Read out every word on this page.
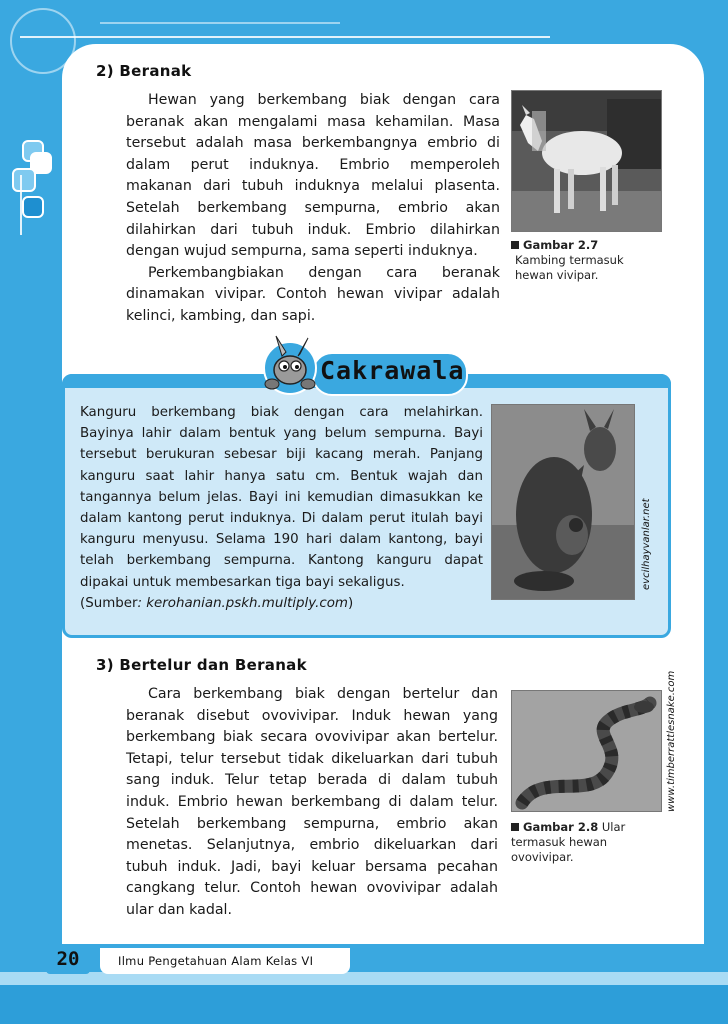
2) Beranak

Hewan yang berkembang biak dengan cara beranak akan mengalami masa kehamilan. Masa tersebut adalah masa berkembangnya embrio di dalam perut induknya. Embrio memperoleh makanan dari tubuh induknya melalui plasenta. Setelah berkembang sempurna, embrio akan dilahirkan dari tubuh induk. Embrio dilahirkan dengan wujud sempurna, sama seperti induknya.

Perkembangbiakan dengan cara beranak dinamakan vivipar. Contoh hewan vivipar adalah kelinci, kambing, dan sapi.

Gambar 2.7
Kambing termasuk hewan vivipar.
Cakrawala

Kanguru berkembang biak dengan cara melahirkan. Bayinya lahir dalam bentuk yang belum sempurna. Bayi tersebut berukuran sebesar biji kacang merah. Panjang kanguru saat lahir hanya satu cm. Bentuk wajah dan tangannya belum jelas. Bayi ini kemudian dimasukkan ke dalam kantong perut induknya. Di dalam perut itulah bayi kanguru menyusu. Selama 190 hari dalam kantong, bayi telah berkembang sempurna. Kantong kanguru dapat dipakai untuk membesarkan tiga bayi sekaligus.

(Sumber: kerohanian.pskh.multiply.com)

evcilhayvanlar.net
3) Bertelur dan Beranak

Cara berkembang biak dengan bertelur dan beranak disebut ovovivipar. Induk hewan yang berkembang biak secara ovovivipar akan bertelur. Tetapi, telur tersebut tidak dikeluarkan dari tubuh sang induk. Telur tetap berada di dalam tubuh induk. Embrio hewan berkembang di dalam telur. Setelah berkembang sempurna, embrio akan menetas. Selanjutnya, embrio dikeluarkan dari tubuh induk. Jadi, bayi keluar bersama pecahan cangkang telur. Contoh hewan ovovivipar adalah ular dan kadal.

www.timberrattlesnake.com
Gambar 2.8 Ular termasuk hewan ovovivipar.
20	Ilmu Pengetahuan Alam Kelas VI
